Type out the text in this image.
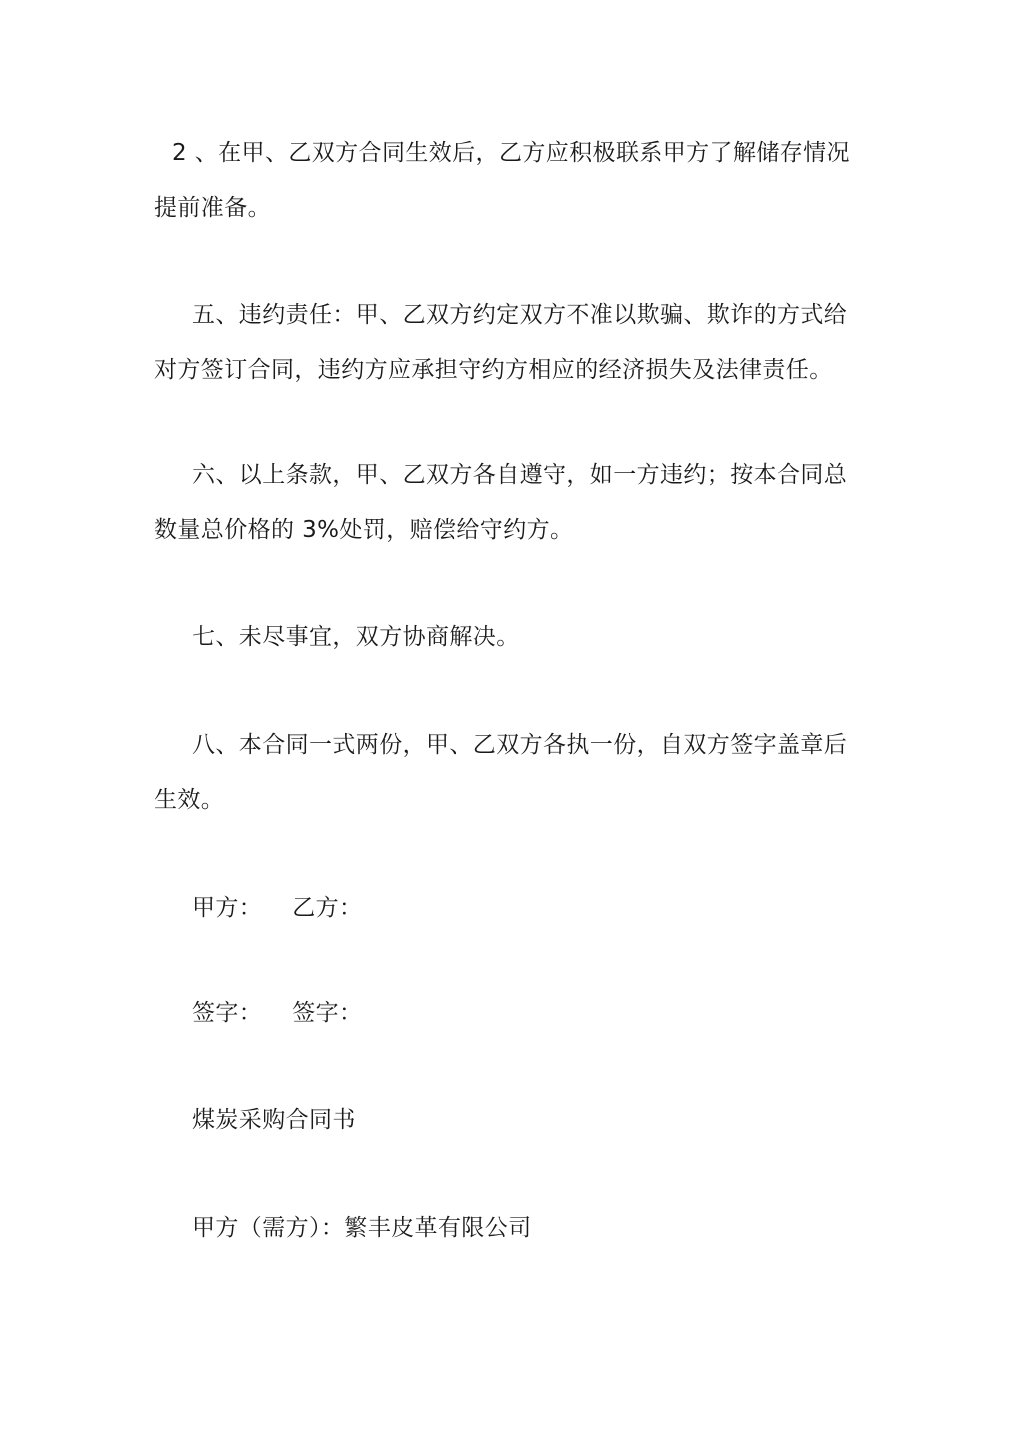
2 、在甲、乙双方合同生效后，乙方应积极联系甲方了解储存情况
提前准备。
五、违约责任：甲、乙双方约定双方不准以欺骗、欺诈的方式给
对方签订合同，违约方应承担守约方相应的经济损失及法律责任。
六、以上条款，甲、乙双方各自遵守，如一方违约；按本合同总
数量总价格的 3%处罚，赔偿给守约方。
七、未尽事宜，双方协商解决。
八、本合同一式两份，甲、乙双方各执一份，自双方签字盖章后
生效。
甲方： 乙方：
签字： 签字：
煤炭采购合同书
甲方（需方）：繁丰皮革有限公司
